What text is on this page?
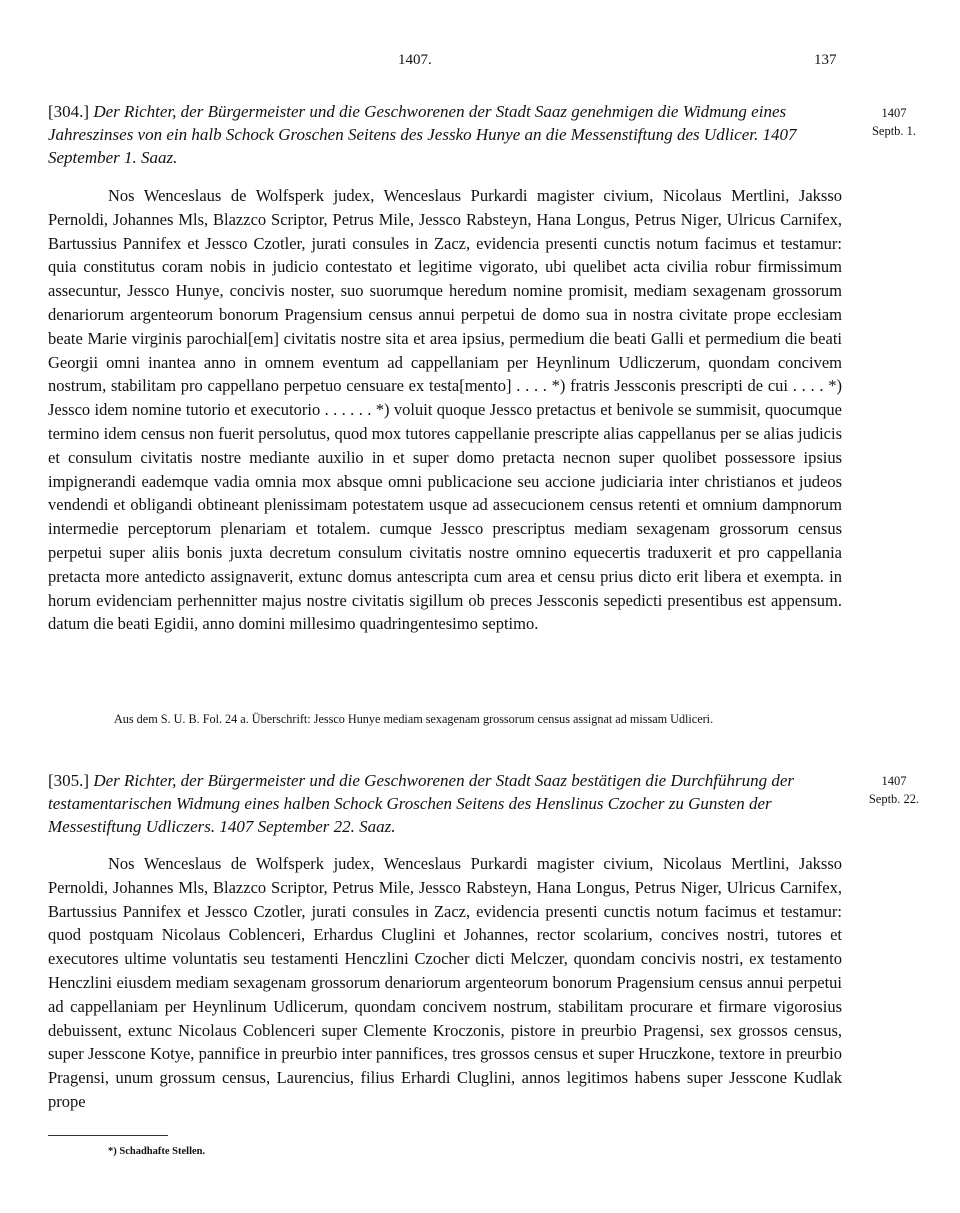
1407.	137
[304.] Der Richter, der Bürgermeister und die Geschworenen der Stadt Saaz genehmigen die Widmung eines Jahreszinses von ein halb Schock Groschen Seitens des Jessko Hunye an die Messenstiftung des Udlicer. 1407 September 1. Saaz.
1407
Septb. 1.

Nos Wenceslaus de Wolfsperk judex, Wenceslaus Purkardi magister civium, Nicolaus Mertlini, Jaksso Pernoldi, Johannes Mls, Blazzco Scriptor, Petrus Mile, Jessco Rabsteyn, Hana Longus, Petrus Niger, Ulricus Carnifex, Bartussius Pannifex et Jessco Czotler, jurati consules in Zacz, evidencia presenti cunctis notum facimus et testamur: quia constitutus coram nobis in judicio contestato et legitime vigorato, ubi quelibet acta civilia robur firmissimum assecuntur, Jessco Hunye, concivis noster, suo suorumque heredum nomine promisit, mediam sexagenam grossorum denariorum argenteorum bonorum Pragensium census annui perpetui de domo sua in nostra civitate prope ecclesiam beate Marie virginis parochial[em] civitatis nostre sita et area ipsius, permedium die beati Galli et permedium die beati Georgii omni inantea anno in omnem eventum ad cappellaniam per Heynlinum Udliczerum, quondam concivem nostrum, stabilitam pro cappellano perpetuo censuare ex testa[mento] . . . . *) fratris Jessconis prescripti de cui . . . . *) Jessco idem nomine tutorio et executorio . . . . . . *) voluit quoque Jessco pretactus et benivole se summisit, quocumque termino idem census non fuerit persolutus, quod mox tutores cappellanie prescripte alias cappellanus per se alias judicis et consulum civitatis nostre mediante auxilio in et super domo pretacta necnon super quolibet possessore ipsius impignerandi eademque vadia omnia mox absque omni publicacione seu accione judiciaria inter christianos et judeos vendendi et obligandi obtineant plenissimam potestatem usque ad assecucionem census retenti et omnium dampnorum intermedie perceptorum plenariam et totalem. cumque Jessco prescriptus mediam sexagenam grossorum census perpetui super aliis bonis juxta decretum consulum civitatis nostre omnino equecertis traduxerit et pro cappellania pretacta more antedicto assignaverit, extunc domus antescripta cum area et censu prius dicto erit libera et exempta. in horum evidenciam perhennitter majus nostre civitatis sigillum ob preces Jessconis sepedicti presentibus est appensum. datum die beati Egidii, anno domini millesimo quadringentesimo septimo.

Aus dem S. U. B. Fol. 24 a. Überschrift: Jessco Hunye mediam sexagenam grossorum census assignat ad missam Udliceri.

[305.] Der Richter, der Bürgermeister und die Geschworenen der Stadt Saaz bestätigen die Durchführung der testamentarischen Widmung eines halben Schock Groschen Seitens des Henslinus Czocher zu Gunsten der Messestiftung Udliczers. 1407 September 22. Saaz.
1407
Septb. 22.

Nos Wenceslaus de Wolfsperk judex, Wenceslaus Purkardi magister civium, Nicolaus Mertlini, Jaksso Pernoldi, Johannes Mls, Blazzco Scriptor, Petrus Mile, Jessco Rabsteyn, Hana Longus, Petrus Niger, Ulricus Carnifex, Bartussius Pannifex et Jessco Czotler, jurati consules in Zacz, evidencia presenti cunctis notum facimus et testamur: quod postquam Nicolaus Coblenceri, Erhardus Cluglini et Johannes, rector scolarium, concives nostri, tutores et executores ultime voluntatis seu testamenti Henczlini Czocher dicti Melczer, quondam concivis nostri, ex testamento Henczlini eiusdem mediam sexagenam grossorum denariorum argenteorum bonorum Pragensium census annui perpetui ad cappellaniam per Heynlinum Udlicerum, quondam concivem nostrum, stabilitam procurare et firmare vigorosius debuissent, extunc Nicolaus Coblenceri super Clemente Kroczonis, pistore in preurbio Pragensi, sex grossos census, super Jesscone Kotye, pannifice in preurbio inter pannifices, tres grossos census et super Hruczkone, textore in preurbio Pragensi, unum grossum census, Laurencius, filius Erhardi Cluglini, annos legitimos habens super Jesscone Kudlak prope

*) Schadhafte Stellen.
